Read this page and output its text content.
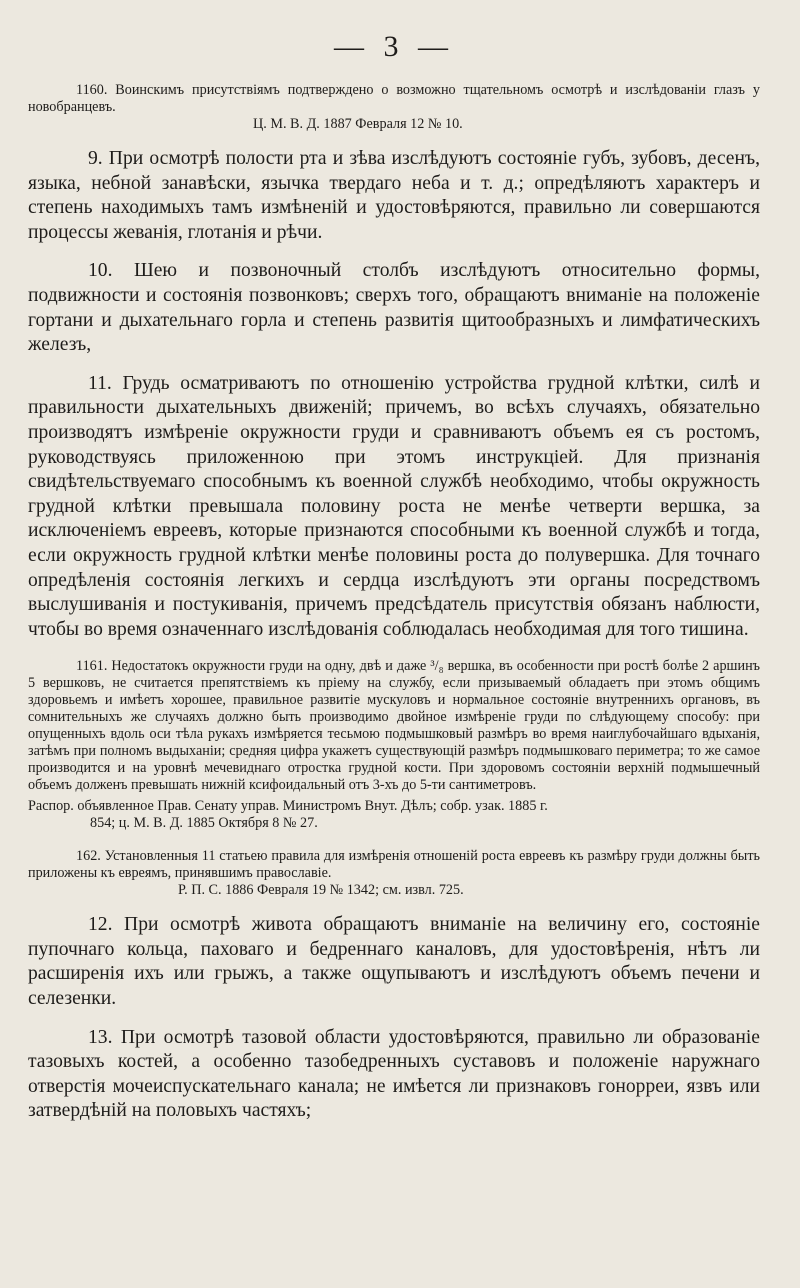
— 3 —
1160. Воинскимъ присутствіямъ подтверждено о возможно тщательномъ осмотрѣ и изслѣдованіи глазъ у новобранцевъ.
Ц. М. В. Д. 1887 Февраля 12 № 10.

9. При осмотрѣ полости рта и зѣва изслѣдуютъ состояніе губъ, зубовъ, десенъ, языка, небной занавѣски, язычка твердаго неба и т. д.; опредѣляютъ характеръ и степень находимыхъ тамъ измѣненій и удостовѣряются, правильно ли совершаются процессы жеванія, глотанія и рѣчи.

10. Шею и позвоночный столбъ изслѣдуютъ относительно формы, подвижности и состоянія позвонковъ; сверхъ того, обращаютъ вниманіе на положеніе гортани и дыхательнаго горла и степень развитія щитообразныхъ и лимфатическихъ железъ,

11. Грудь осматриваютъ по отношенію устройства грудной клѣтки, силѣ и правильности дыхательныхъ движеній; причемъ, во всѣхъ случаяхъ, обязательно производятъ измѣреніе окружности груди и сравниваютъ объемъ ея съ ростомъ, руководствуясь приложенною при этомъ инструкціей. Для признанія свидѣтельствуемаго способнымъ къ военной службѣ необходимо, чтобы окружность грудной клѣтки превышала половину роста не менѣе четверти вершка, за исключеніемъ евреевъ, которые признаются способными къ военной службѣ и тогда, если окружность грудной клѣтки менѣе половины роста до полувершка. Для точнаго опредѣленія состоянія легкихъ и сердца изслѣдуютъ эти органы посредствомъ выслушиванія и постукиванія, причемъ предсѣдатель присутствія обязанъ наблюсти, чтобы во время означеннаго изслѣдованія соблюдалась необходимая для того тишина.

1161. Недостатокъ окружности груди на одну, двѣ и даже ³/₈ вершка, въ особенности при ростѣ болѣе 2 аршинъ 5 вершковъ, не считается препятствіемъ къ пріему на службу, если призываемый обладаетъ при этомъ общимъ здоровьемъ и имѣетъ хорошее, правильное развитіе мускуловъ и нормальное состояніе внутреннихъ органовъ, въ сомнительныхъ же случаяхъ должно быть производимо двойное измѣреніе груди по слѣдующему способу: при опущенныхъ вдоль оси тѣла рукахъ измѣряется тесьмою подмышковый размѣръ во время наиглубочайшаго вдыханія, затѣмъ при полномъ выдыханіи; средняя цифра укажетъ существующій размѣръ подмышковаго периметра; то же самое производится и на уровнѣ мечевиднаго отростка грудной кости. При здоровомъ состояніи верхній подмышечный объемъ долженъ превышать нижній ксифоидальный отъ 3-хъ до 5-ти сантиметровъ.
Распор. объявленное Прав. Сенату управ. Министромъ Внут. Дѣлъ; собр. узак. 1885 г.
854; ц. М. В. Д. 1885 Октября 8 № 27.
162. Установленныя 11 статьею правила для измѣренія отношеній роста евреевъ къ размѣру груди должны быть приложены къ евреямъ, принявшимъ православіе.
Р. П. С. 1886 Февраля 19 № 1342; см. извл. 725.

12. При осмотрѣ живота обращаютъ вниманіе на величину его, состояніе пупочнаго кольца, паховаго и бедреннаго каналовъ, для удостовѣренія, нѣтъ ли расширенія ихъ или грыжъ, а также ощупываютъ и изслѣдуютъ объемъ печени и селезенки.

13. При осмотрѣ тазовой области удостовѣряются, правильно ли образованіе тазовыхъ костей, а особенно тазобедренныхъ суставовъ и положеніе наружнаго отверстія мочеиспускательнаго канала; не имѣется ли признаковъ гонорреи, язвъ или затвердѣній на половыхъ частяхъ;
